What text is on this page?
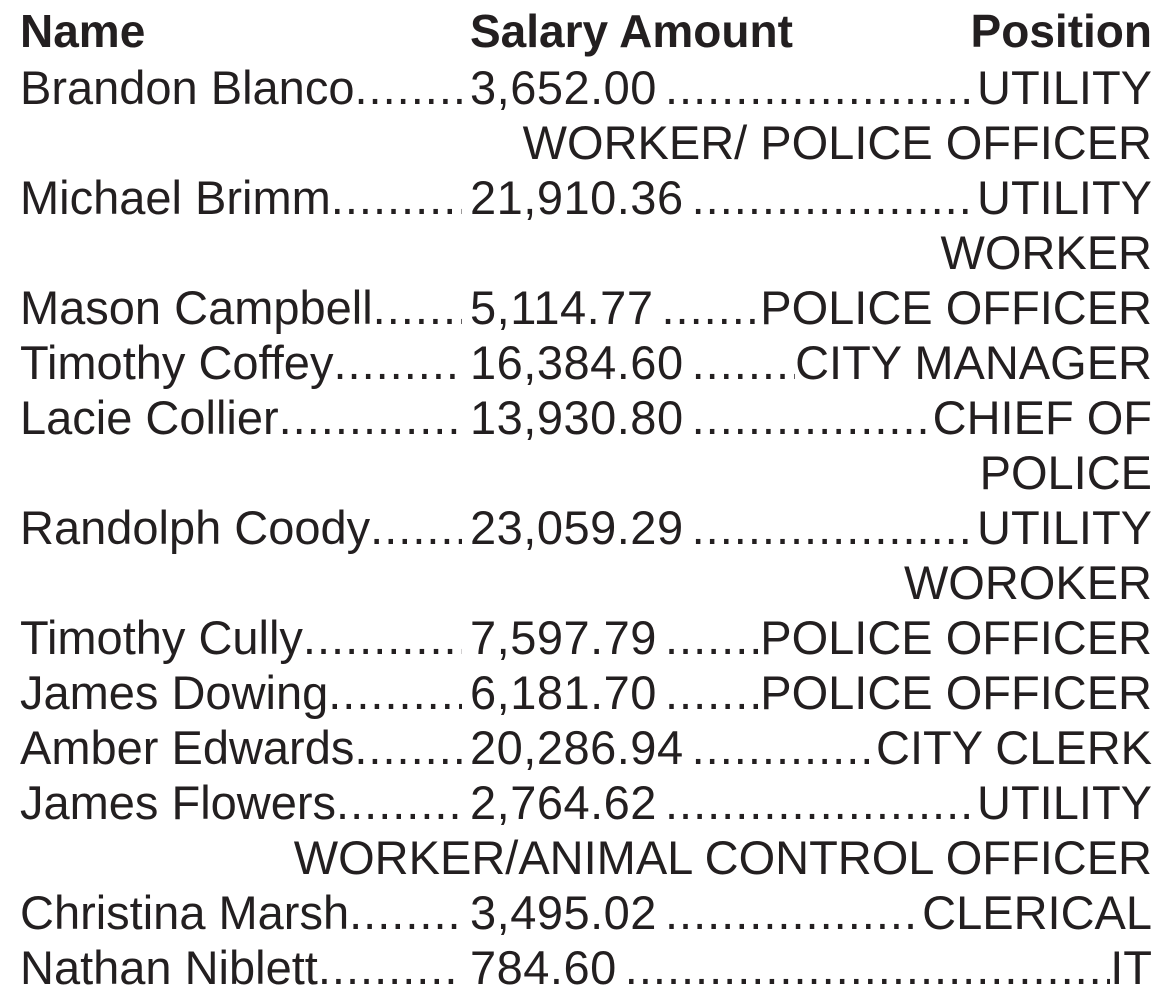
Name	Salary Amount	Position
Brandon Blanco ..... 3,652.00 .....	UTILITY
WORKER/ POLICE OFFICER
Michael Brimm .....	21,910.36 .....	UTILITY
WORKER
Mason Campbell ..... 5,114.77 ..... POLICE OFFICER
Timothy Coffey .....	16,384.60 ..... CITY MANAGER
Lacie Collier .....	13,930.80 .....	CHIEF OF
POLICE
Randolph Coody ..... 23,059.29 .....	UTILITY
WOROKER
Timothy Cully .....	7,597.79 ..... POLICE OFFICER
James Dowing .....	6,181.70 ..... POLICE OFFICER
Amber Edwards ..... 20,286.94 .....	CITY CLERK
James Flowers .....	2,764.62 .....	UTILITY
WORKER/ANIMAL CONTROL OFFICER
Christina Marsh .....	3,495.02 .....	CLERICAL
Nathan Niblett .....	784.60 .....	IT
